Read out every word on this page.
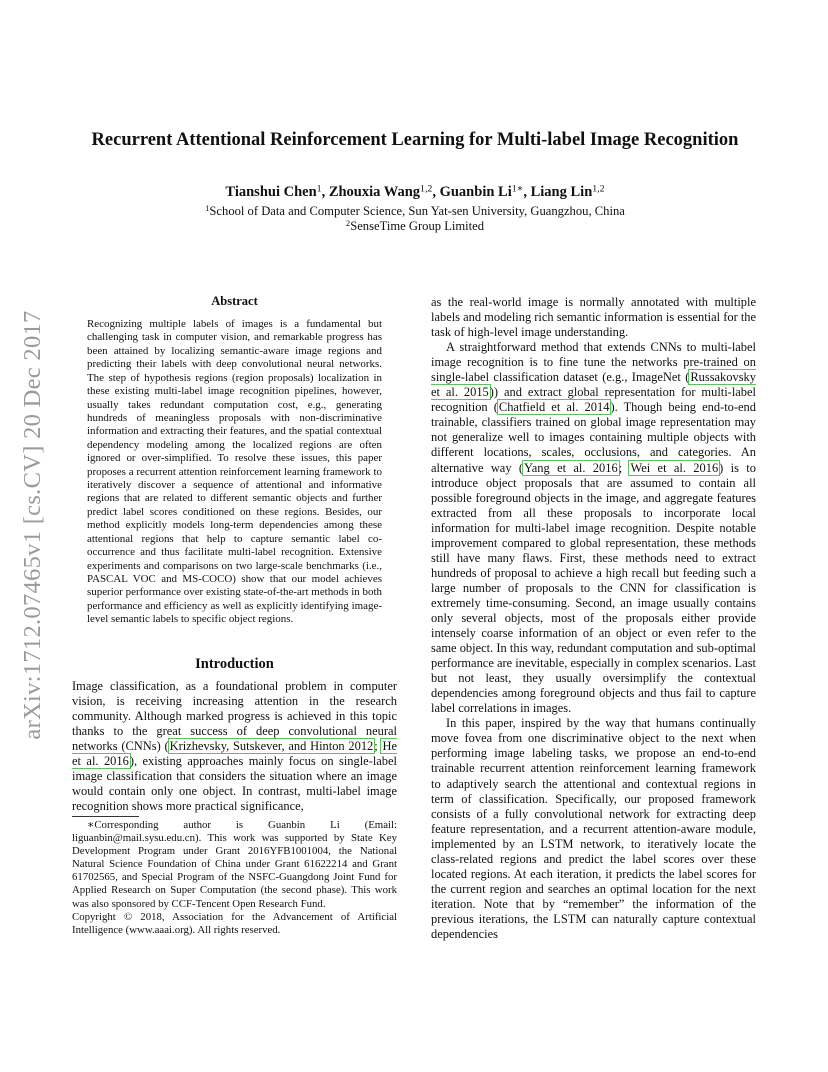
arXiv:1712.07465v1 [cs.CV] 20 Dec 2017
Recurrent Attentional Reinforcement Learning for Multi-label Image Recognition
Tianshui Chen$^1$, Zhouxia Wang$^{1,2}$, Guanbin $Li^{1∗}$, Liang Lin$^{1,2}$
$^1$School of Data and Computer Science, Sun Yat-sen University, Guangzhou, China
$^2$SenseTime Group Limited
Abstract
Recognizing multiple labels of images is a fundamental but challenging task in computer vision, and remarkable progress has been attained by localizing semantic-aware image regions and predicting their labels with deep convolutional neural networks. The step of hypothesis regions (region proposals) localization in these existing multi-label image recognition pipelines, however, usually takes redundant computation cost, e.g., generating hundreds of meaningless proposals with non-discriminative information and extracting their features, and the spatial contextual dependency modeling among the localized regions are often ignored or over-simplified. To resolve these issues, this paper proposes a recurrent attention reinforcement learning framework to iteratively discover a sequence of attentional and informative regions that are related to different semantic objects and further predict label scores conditioned on these regions. Besides, our method explicitly models long-term dependencies among these attentional regions that help to capture semantic label co-occurrence and thus facilitate multi-label recognition. Extensive experiments and comparisons on two large-scale benchmarks (i.e., PASCAL VOC and MS-COCO) show that our model achieves superior performance over existing state-of-the-art methods in both performance and efficiency as well as explicitly identifying image-level semantic labels to specific object regions.
Introduction

Image classification, as a foundational problem in computer vision, is receiving increasing attention in the research community. Although marked progress is achieved in this topic thanks to the great success of deep convolutional neural networks (CNNs) (Krizhevsky, Sutskever, and Hinton 2012; He et al. 2016), existing approaches mainly focus on single-label image classification that considers the situation where an image would contain only one object. In contrast, multi-label image recognition shows more practical significance,

∗Corresponding author is Guanbin Li (Email: liguanbin@mail.sysu.edu.cn). This work was supported by State Key Development Program under Grant 2016YFB1001004, the National Natural Science Foundation of China under Grant 61622214 and Grant 61702565, and Special Program of the NSFC-Guangdong Joint Fund for Applied Research on Super Computation (the second phase). This work was also sponsored by CCF-Tencent Open Research Fund.

Copyright © 2018, Association for the Advancement of Artificial Intelligence (www.aaai.org). All rights reserved.

as the real-world image is normally annotated with multiple labels and modeling rich semantic information is essential for the task of high-level image understanding.

A straightforward method that extends CNNs to multi-label image recognition is to fine tune the networks pre-trained on single-label classification dataset (e.g., ImageNet (Russakovsky et al. 2015)) and extract global representation for multi-label recognition (Chatfield et al. 2014). Though being end-to-end trainable, classifiers trained on global image representation may not generalize well to images containing multiple objects with different locations, scales, occlusions, and categories. An alternative way (Yang et al. 2016; Wei et al. 2016) is to introduce object proposals that are assumed to contain all possible foreground objects in the image, and aggregate features extracted from all these proposals to incorporate local information for multi-label image recognition. Despite notable improvement compared to global representation, these methods still have many flaws. First, these methods need to extract hundreds of proposal to achieve a high recall but feeding such a large number of proposals to the CNN for classification is extremely time-consuming. Second, an image usually contains only several objects, most of the proposals either provide intensely coarse information of an object or even refer to the same object. In this way, redundant computation and sub-optimal performance are inevitable, especially in complex scenarios. Last but not least, they usually oversimplify the contextual dependencies among foreground objects and thus fail to capture label correlations in images.

In this paper, inspired by the way that humans continually move fovea from one discriminative object to the next when performing image labeling tasks, we propose an end-to-end trainable recurrent attention reinforcement learning framework to adaptively search the attentional and contextual regions in term of classification. Specifically, our proposed framework consists of a fully convolutional network for extracting deep feature representation, and a recurrent attention-aware module, implemented by an LSTM network, to iteratively locate the class-related regions and predict the label scores over these located regions. At each iteration, it predicts the label scores for the current region and searches an optimal location for the next iteration. Note that by “remember” the information of the previous iterations, the LSTM can naturally capture contextual dependencies
